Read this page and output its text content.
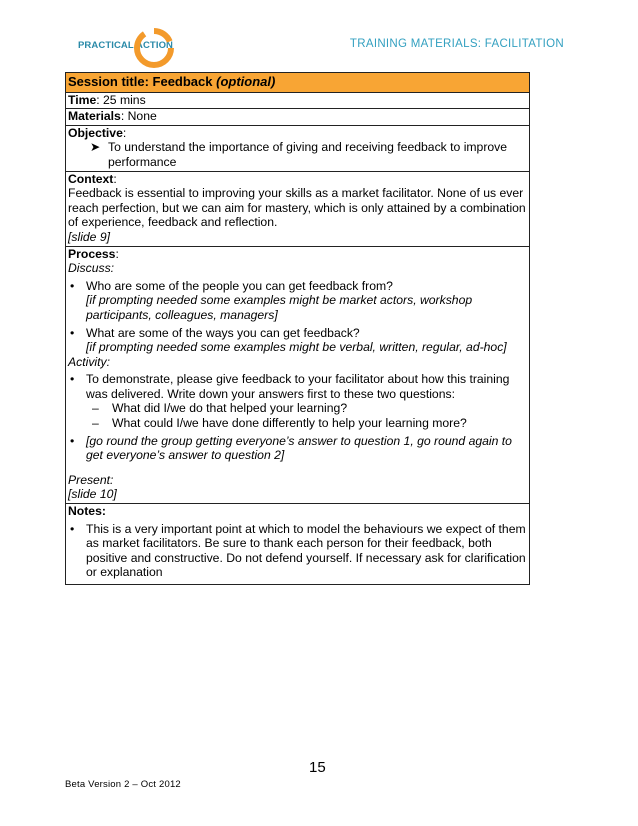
PRACTICAL ACTION	TRAINING MATERIALS: FACILITATION
Session title: Feedback (optional)
Time: 25 mins
Materials: None
Objective:
➤ To understand the importance of giving and receiving feedback to improve performance
Context:
Feedback is essential to improving your skills as a market facilitator. None of us ever reach perfection, but we can aim for mastery, which is only attained by a combination of experience, feedback and reflection.
[slide 9]
Process:
Discuss:
• Who are some of the people you can get feedback from?
[if prompting needed some examples might be market actors, workshop participants, colleagues, managers]
• What are some of the ways you can get feedback?
[if prompting needed some examples might be verbal, written, regular, ad-hoc]
Activity:
• To demonstrate, please give feedback to your facilitator about how this training was delivered. Write down your answers first to these two questions:
– What did I/we do that helped your learning?
– What could I/we have done differently to help your learning more?
• [go round the group getting everyone’s answer to question 1, go round again to get everyone’s answer to question 2]
Present:
[slide 10]
Notes:
• This is a very important point at which to model the behaviours we expect of them as market facilitators. Be sure to thank each person for their feedback, both positive and constructive. Do not defend yourself. If necessary ask for clarification or explanation
15
Beta Version 2 – Oct 2012
